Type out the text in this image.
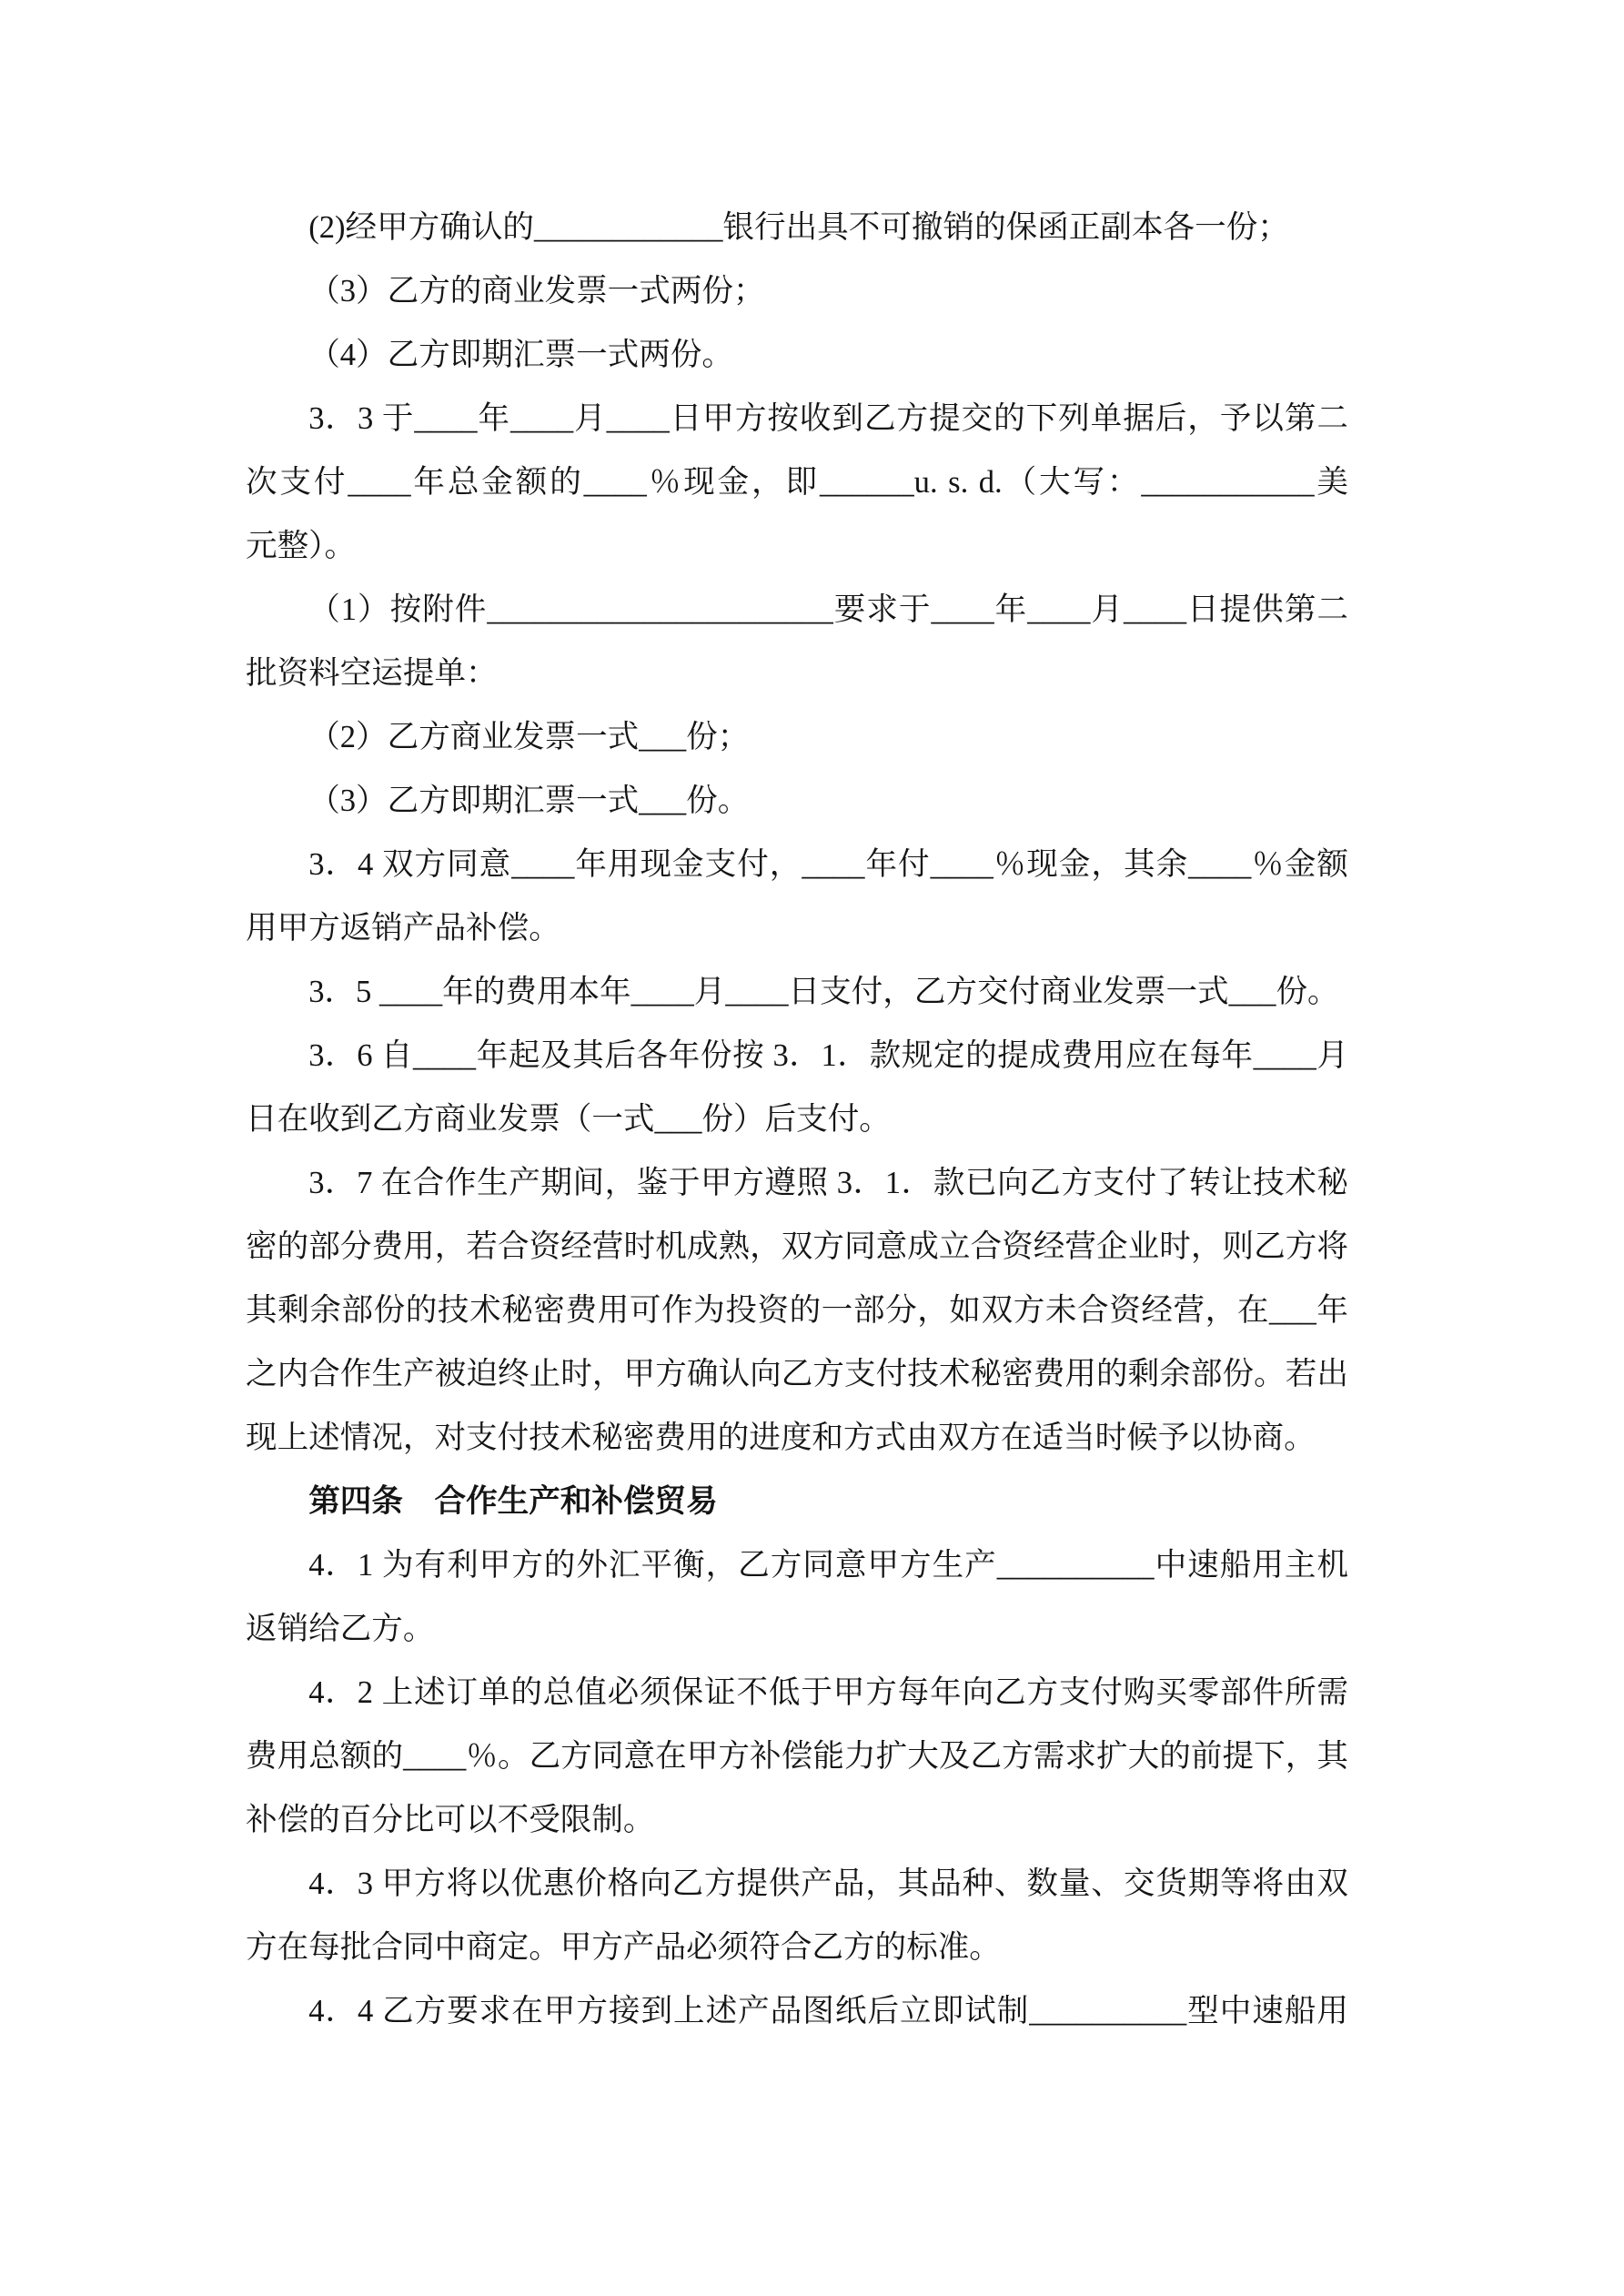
(2)经甲方确认的____________银行出具不可撤销的保函正副本各一份；
（3）乙方的商业发票一式两份；
（4）乙方即期汇票一式两份。
3．3 于____年____月____日甲方按收到乙方提交的下列单据后，予以第二
次支付____年总金额的____％现金，即______u. s. d.（大写：___________美
元整）。
（1）按附件______________________要求于____年____月____日提供第二
批资料空运提单：
（2）乙方商业发票一式___份；
（3）乙方即期汇票一式___份。
3．4 双方同意____年用现金支付，____年付____％现金，其余____％金额
用甲方返销产品补偿。
3．5 ____年的费用本年____月____日支付，乙方交付商业发票一式___份。
3．6 自____年起及其后各年份按 3．1．款规定的提成费用应在每年____月
日在收到乙方商业发票（一式___份）后支付。
3．7 在合作生产期间，鉴于甲方遵照 3．1．款已向乙方支付了转让技术秘
密的部分费用，若合资经营时机成熟，双方同意成立合资经营企业时，则乙方将
其剩余部份的技术秘密费用可作为投资的一部分，如双方未合资经营，在___年
之内合作生产被迫终止时，甲方确认向乙方支付技术秘密费用的剩余部份。若出
现上述情况，对支付技术秘密费用的进度和方式由双方在适当时候予以协商。
第四条　合作生产和补偿贸易
4．1 为有利甲方的外汇平衡，乙方同意甲方生产__________中速船用主机
返销给乙方。
4．2 上述订单的总值必须保证不低于甲方每年向乙方支付购买零部件所需
费用总额的____％。乙方同意在甲方补偿能力扩大及乙方需求扩大的前提下，其
补偿的百分比可以不受限制。
4．3 甲方将以优惠价格向乙方提供产品，其品种、数量、交货期等将由双
方在每批合同中商定。甲方产品必须符合乙方的标准。
4．4 乙方要求在甲方接到上述产品图纸后立即试制__________型中速船用
